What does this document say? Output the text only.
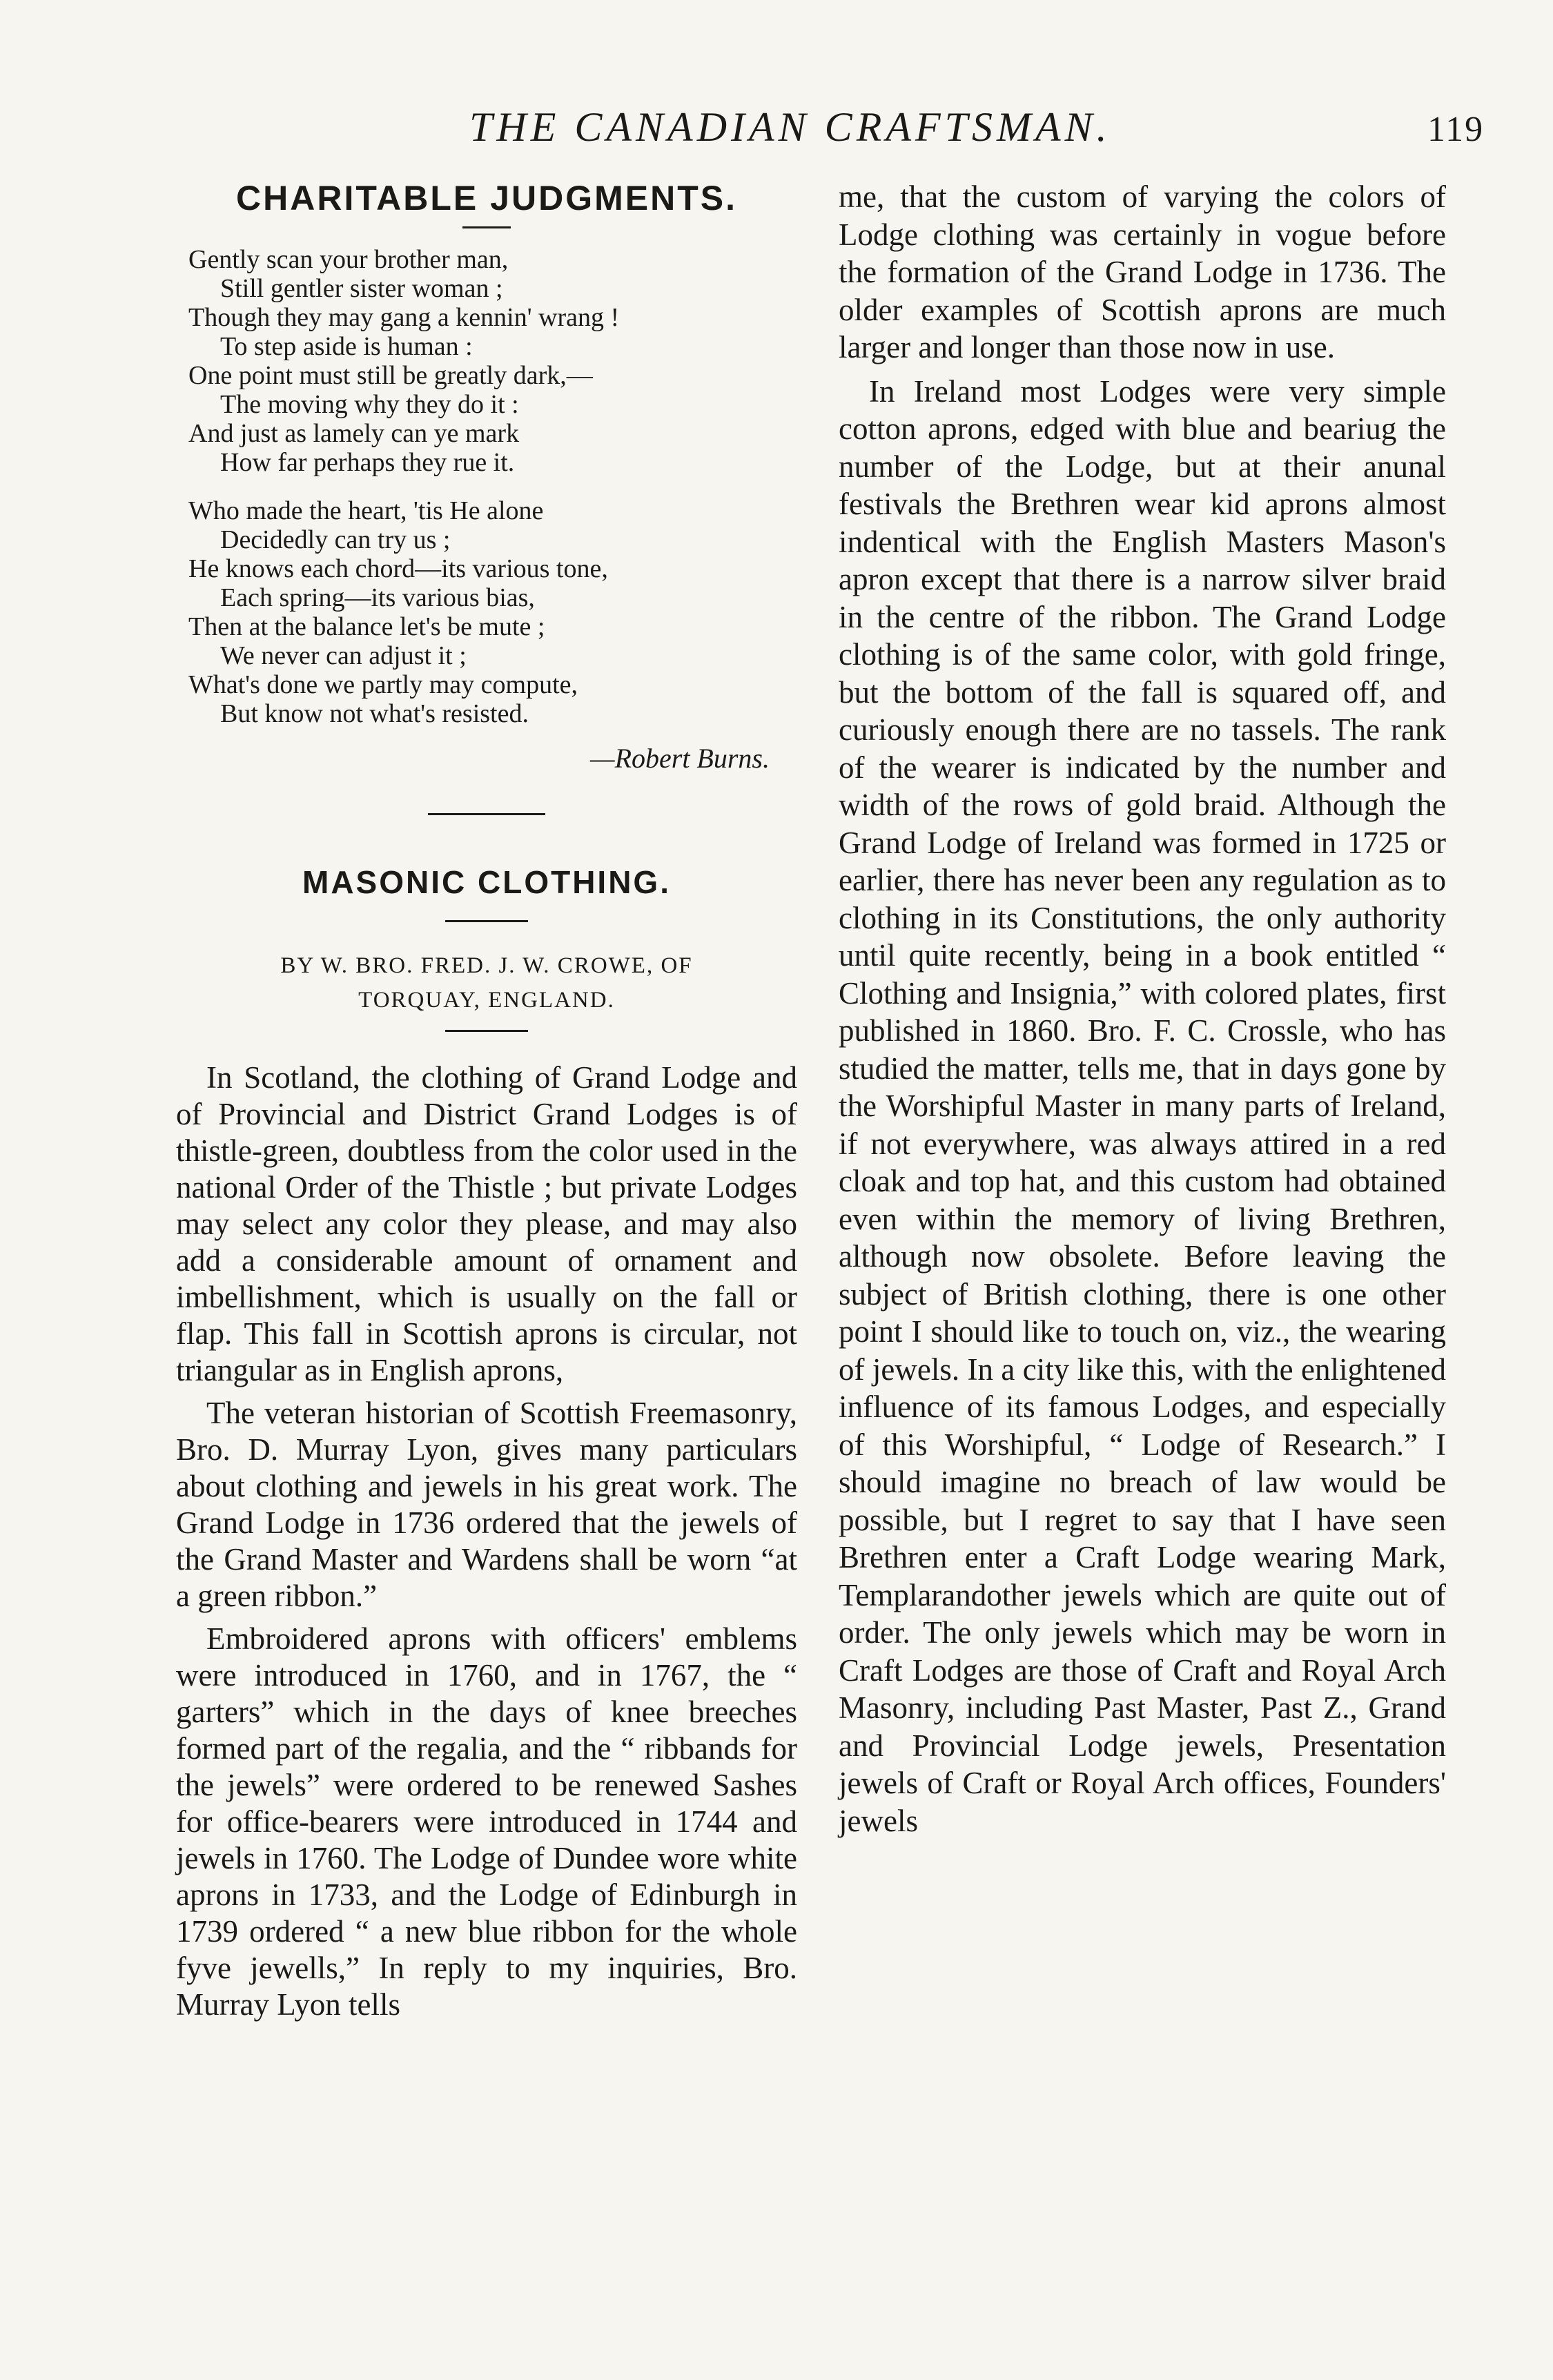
THE CANADIAN CRAFTSMAN.	119
CHARITABLE JUDGMENTS.
Gently scan your brother man,
Still gentler sister woman ;
Though they may gang a kennin' wrang !
To step aside is human :
One point must still be greatly dark,—
The moving why they do it :
And just as lamely can ye mark
How far perhaps they rue it.
Who made the heart, 'tis He alone
Decidedly can try us ;
He knows each chord—its various tone,
Each spring—its various bias,
Then at the balance let's be mute ;
We never can adjust it ;
What's done we partly may compute,
But know not what's resisted.
—Robert Burns.
MASONIC CLOTHING.
BY W. BRO. FRED. J. W. CROWE, OF
TORQUAY, ENGLAND.

In Scotland, the clothing of Grand Lodge and of Provincial and District Grand Lodges is of thistle-green, doubtless from the color used in the national Order of the Thistle ; but private Lodges may select any color they please, and may also add a considerable amount of ornament and imbellishment, which is usually on the fall or flap. This fall in Scottish aprons is circular, not triangular as in English aprons,

The veteran historian of Scottish Freemasonry, Bro. D. Murray Lyon, gives many particulars about clothing and jewels in his great work. The Grand Lodge in 1736 ordered that the jewels of the Grand Master and Wardens shall be worn “at a green ribbon.”

Embroidered aprons with officers' emblems were introduced in 1760, and in 1767, the “ garters” which in the days of knee breeches formed part of the regalia, and the “ ribbands for the jewels” were ordered to be renewed Sashes for office-bearers were introduced in 1744 and jewels in 1760. The Lodge of Dundee wore white aprons in 1733, and the Lodge of Edinburgh in 1739 ordered “ a new blue ribbon for the whole fyve jewells,” In reply to my inquiries, Bro. Murray Lyon tells

me, that the custom of varying the colors of Lodge clothing was certainly in vogue before the formation of the Grand Lodge in 1736. The older examples of Scottish aprons are much larger and longer than those now in use.

In Ireland most Lodges were very simple cotton aprons, edged with blue and beariug the number of the Lodge, but at their anunal festivals the Brethren wear kid aprons almost indentical with the English Masters Mason's apron except that there is a narrow silver braid in the centre of the ribbon. The Grand Lodge clothing is of the same color, with gold fringe, but the bottom of the fall is squared off, and curiously enough there are no tassels. The rank of the wearer is indicated by the number and width of the rows of gold braid. Although the Grand Lodge of Ireland was formed in 1725 or earlier, there has never been any regulation as to clothing in its Constitutions, the only authority until quite recently, being in a book entitled “ Clothing and Insignia,” with colored plates, first published in 1860. Bro. F. C. Crossle, who has studied the matter, tells me, that in days gone by the Worshipful Master in many parts of Ireland, if not everywhere, was always attired in a red cloak and top hat, and this custom had obtained even within the memory of living Brethren, although now obsolete. Before leaving the subject of British clothing, there is one other point I should like to touch on, viz., the wearing of jewels. In a city like this, with the enlightened influence of its famous Lodges, and especially of this Worshipful, “ Lodge of Research.” I should imagine no breach of law would be possible, but I regret to say that I have seen Brethren enter a Craft Lodge wearing Mark, Templarandother jewels which are quite out of order. The only jewels which may be worn in Craft Lodges are those of Craft and Royal Arch Masonry, including Past Master, Past Z., Grand and Provincial Lodge jewels, Presentation jewels of Craft or Royal Arch offices, Founders' jewels
